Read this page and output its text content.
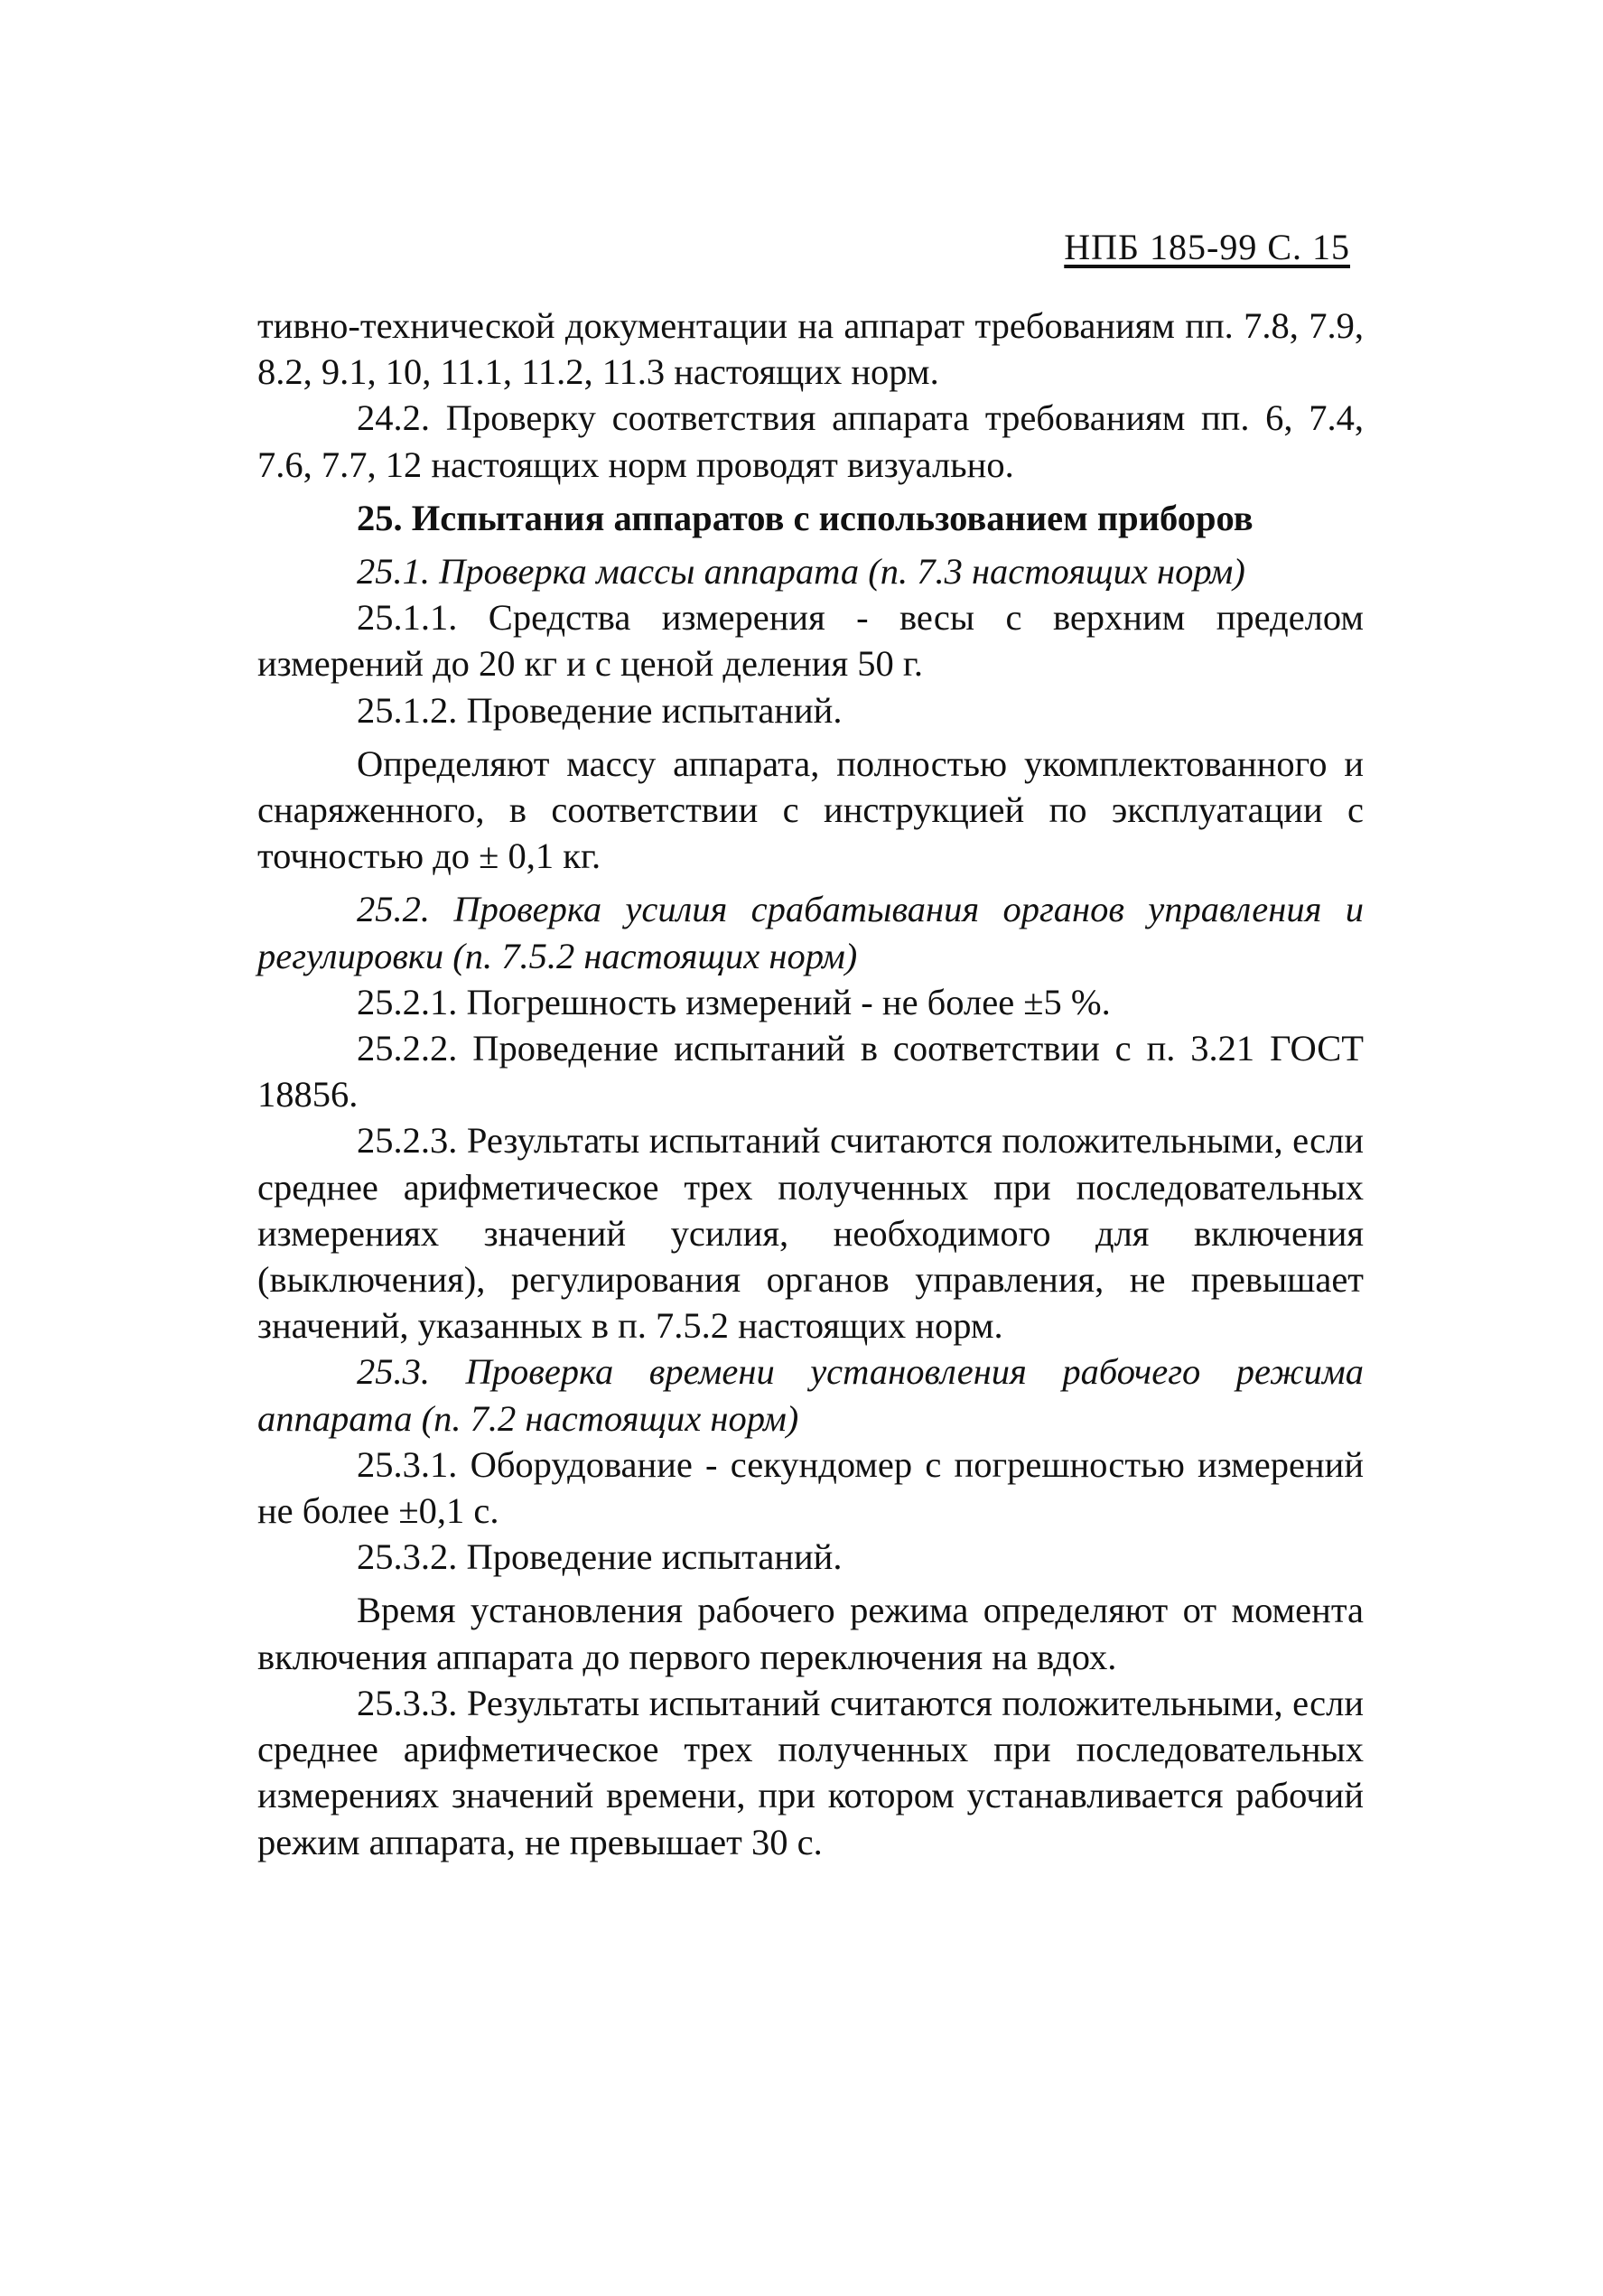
НПБ 185-99 С. 15

тивно-технической документации на аппарат требованиям пп. 7.8, 7.9, 8.2, 9.1, 10, 11.1, 11.2, 11.3 настоящих норм.

24.2. Проверку соответствия аппарата требованиям пп. 6, 7.4, 7.6, 7.7, 12 настоящих норм проводят визуально.

25. Испытания аппаратов с использованием приборов

25.1. Проверка массы аппарата (п. 7.3 настоящих норм)

25.1.1. Средства измерения - весы с верхним пределом измерений до 20 кг и с ценой деления 50 г.

25.1.2. Проведение испытаний.

Определяют массу аппарата, полностью укомплектованного и снаряженного, в соответствии с инструкцией по эксплуатации с точностью до ± 0,1 кг.

25.2. Проверка усилия срабатывания органов управления и регулировки (п. 7.5.2 настоящих норм)

25.2.1. Погрешность измерений - не более ±5 %.

25.2.2. Проведение испытаний в соответствии с п. 3.21 ГОСТ 18856.

25.2.3. Результаты испытаний считаются положительными, если среднее арифметическое трех полученных при последовательных измерениях значений усилия, необходимого для включения (выключения), регулирования органов управления, не превышает значений, указанных в п. 7.5.2 настоящих норм.

25.3. Проверка времени установления рабочего режима аппарата (п. 7.2 настоящих норм)

25.3.1. Оборудование - секундомер с погрешностью измерений не более ±0,1 с.

25.3.2. Проведение испытаний.

Время установления рабочего режима определяют от момента включения аппарата до первого переключения на вдох.

25.3.3. Результаты испытаний считаются положительными, если среднее арифметическое трех полученных при последовательных измерениях значений времени, при котором устанавливается рабочий режим аппарата, не превышает 30 с.
